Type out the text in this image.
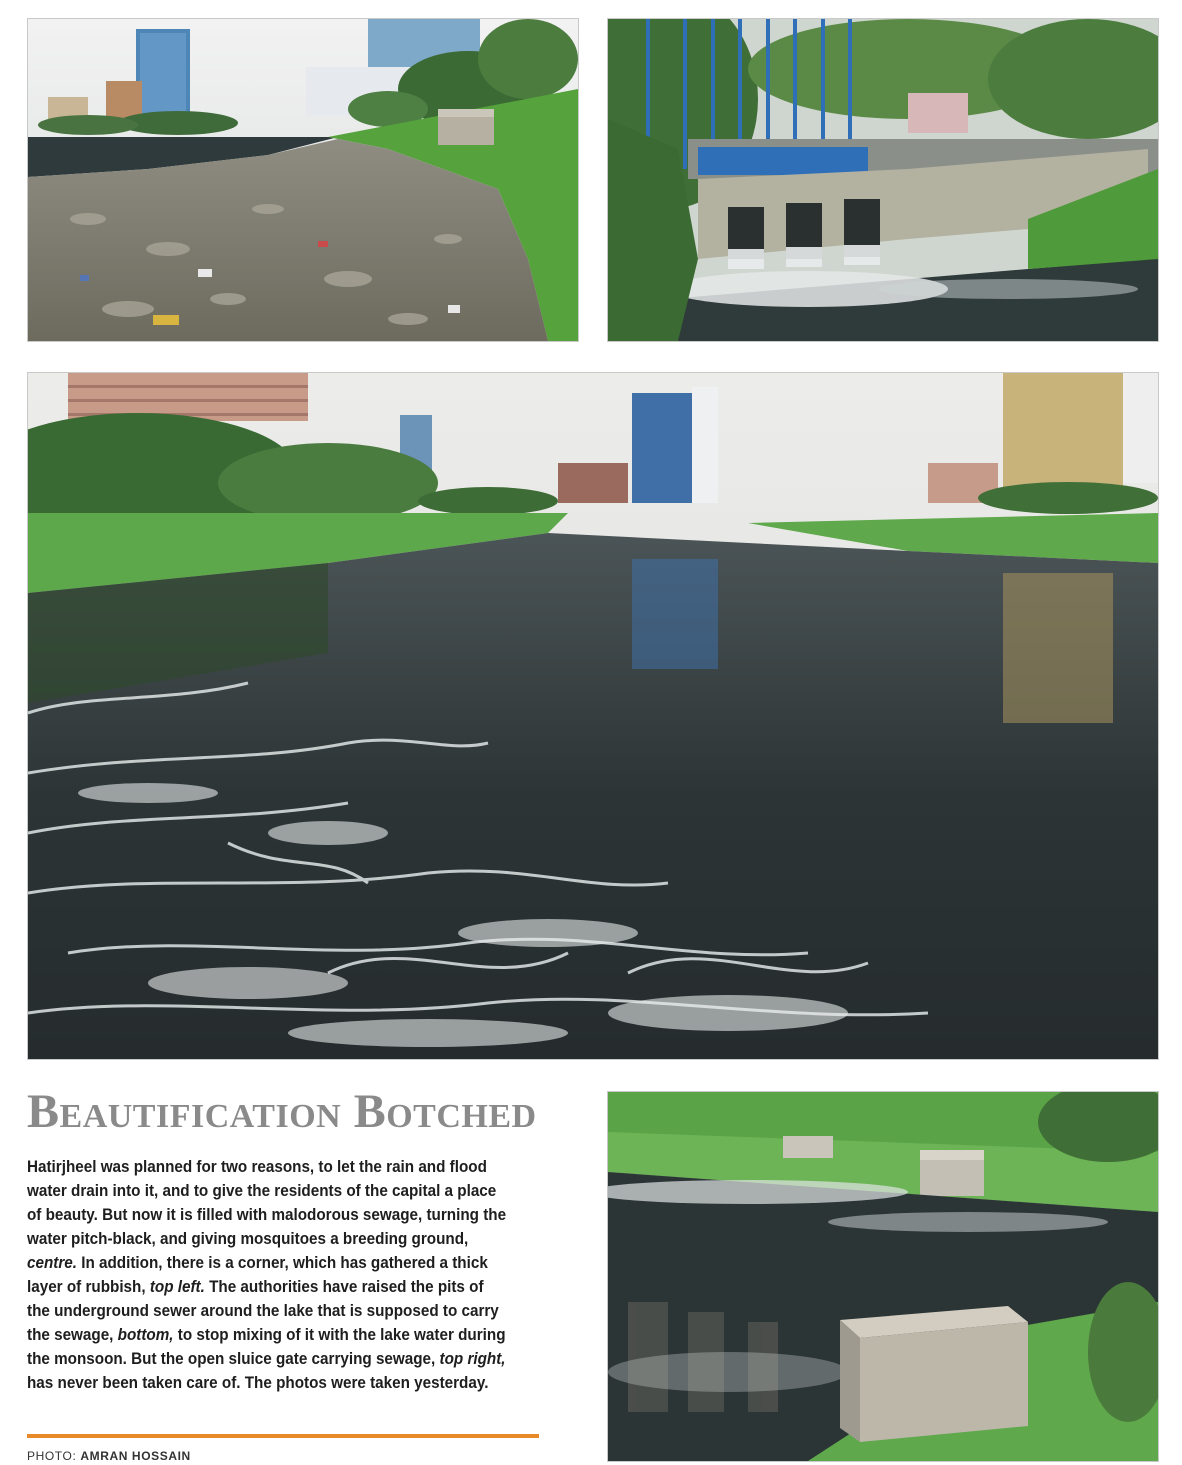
Beautification Botched

Hatirjheel was planned for two reasons, to let the rain and flood water drain into it, and to give the residents of the capital a place of beauty. But now it is filled with malodorous sewage, turning the water pitch-black, and giving mosquitoes a breeding ground, centre. In addition, there is a corner, which has gathered a thick layer of rubbish, top left. The authorities have raised the pits of the underground sewer around the lake that is supposed to carry the sewage, bottom, to stop mixing of it with the lake water during the monsoon. But the open sluice gate carrying sewage, top right, has never been taken care of. The photos were taken yesterday.

PHOTO: AMRAN HOSSAIN
